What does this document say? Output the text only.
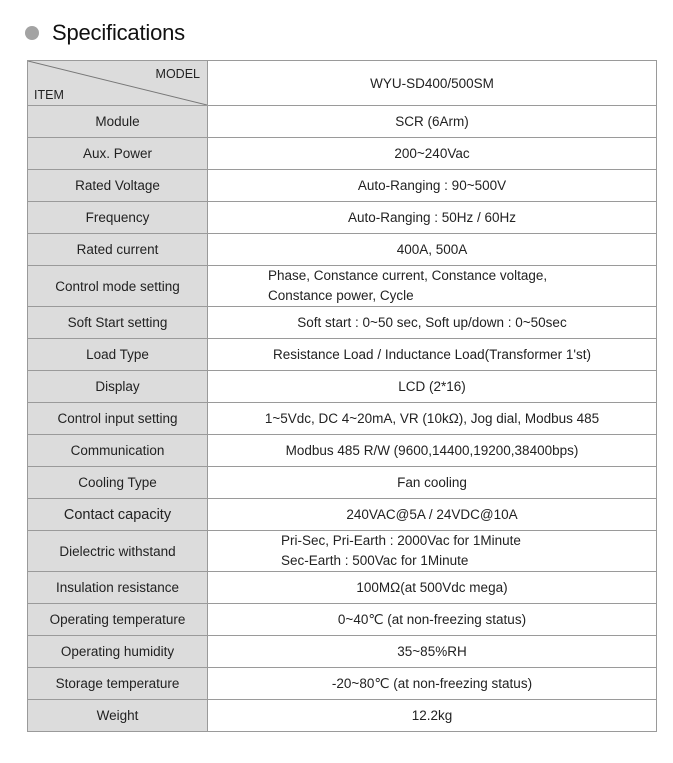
Specifications
MODEL
ITEM	WYU-SD400/500SM
Module	SCR (6Arm)
Aux. Power	200~240Vac
Rated Voltage	Auto-Ranging : 90~500V
Frequency	Auto-Ranging : 50Hz / 60Hz
Rated current	400A, 500A
Control mode setting	Phase, Constance current, Constance voltage,
Constance power, Cycle

Soft Start setting	Soft start : 0~50 sec, Soft up/down : 0~50sec
Load Type	Resistance Load / Inductance Load(Transformer 1'st)
Display	LCD (2*16)
Control input setting	1~5Vdc, DC 4~20mA, VR (10kΩ), Jog dial, Modbus 485
Communication	Modbus 485 R/W (9600,14400,19200,38400bps)
Cooling Type	Fan cooling
Contact capacity	240VAC@5A / 24VDC@10A
Dielectric withstand	Pri-Sec, Pri-Earth : 2000Vac for 1Minute
Sec-Earth : 500Vac for 1Minute

Insulation resistance	100MΩ(at 500Vdc mega)
Operating temperature	0~40℃ (at non-freezing status)
Operating humidity	35~85%RH
Storage temperature	-20~80℃ (at non-freezing status)
Weight	12.2kg
